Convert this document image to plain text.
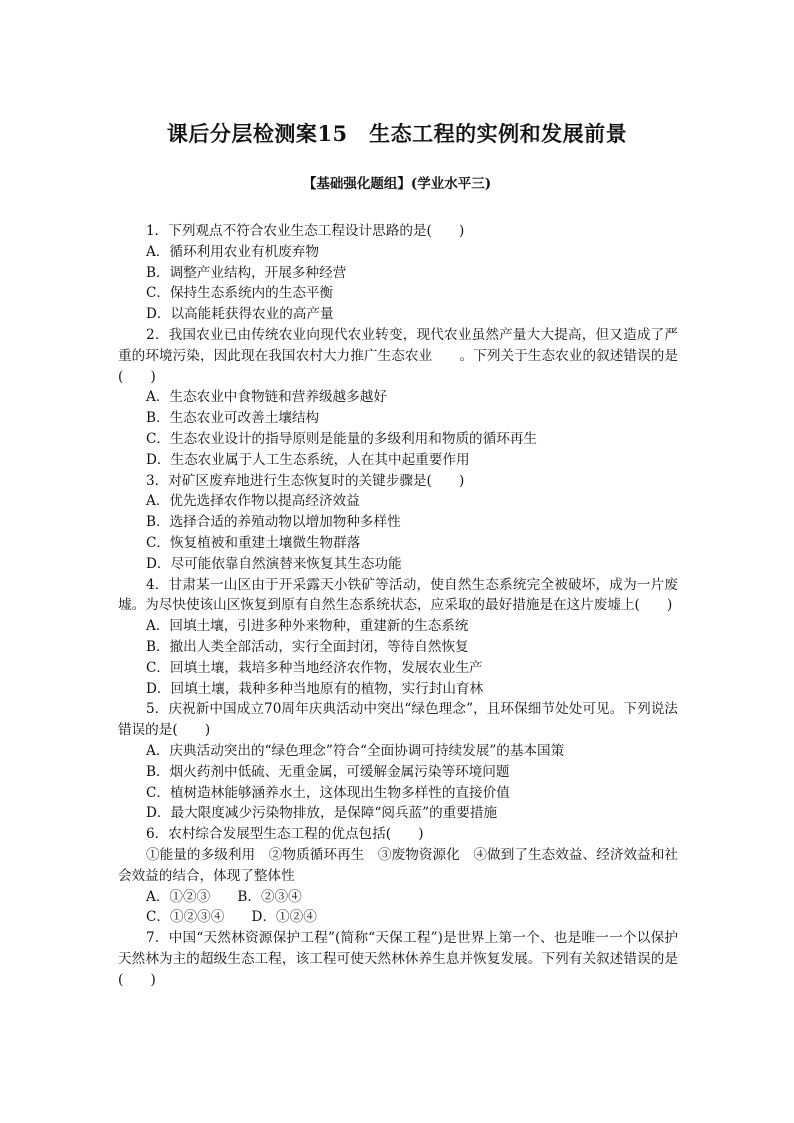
课后分层检测案15　生态工程的实例和发展前景
【基础强化题组】(学业水平三)

1．下列观点不符合农业生态工程设计思路的是(　　)

A．循环利用农业有机废弃物

B．调整产业结构，开展多种经营

C．保持生态系统内的生态平衡

D．以高能耗获得农业的高产量

2．我国农业已由传统农业向现代农业转变，现代农业虽然产量大大提高，但又造成了严重的环境污染，因此现在我国农村大力推广生态农业　　。下列关于生态农业的叙述错误的是(　　)

A．生态农业中食物链和营养级越多越好

B．生态农业可改善土壤结构

C．生态农业设计的指导原则是能量的多级利用和物质的循环再生

D．生态农业属于人工生态系统，人在其中起重要作用

3．对矿区废弃地进行生态恢复时的关键步骤是(　　)

A．优先选择农作物以提高经济效益

B．选择合适的养殖动物以增加物种多样性

C．恢复植被和重建土壤微生物群落

D．尽可能依靠自然演替来恢复其生态功能

4．甘肃某一山区由于开采露天小铁矿等活动，使自然生态系统完全被破坏，成为一片废墟。为尽快使该山区恢复到原有自然生态系统状态，应采取的最好措施是在这片废墟上(　　)

A．回填土壤，引进多种外来物种，重建新的生态系统

B．撤出人类全部活动，实行全面封闭，等待自然恢复

C．回填土壤，栽培多种当地经济农作物，发展农业生产

D．回填土壤，栽种多种当地原有的植物，实行封山育林

5．庆祝新中国成立70周年庆典活动中突出“绿色理念”，且环保细节处处可见。下列说法错误的是(　　)

A．庆典活动突出的“绿色理念”符合“全面协调可持续发展”的基本国策

B．烟火药剂中低硫、无重金属，可缓解金属污染等环境问题

C．植树造林能够涵养水土，这体现出生物多样性的直接价值

D．最大限度减少污染物排放，是保障“阅兵蓝”的重要措施

6．农村综合发展型生态工程的优点包括(　　)

①能量的多级利用　②物质循环再生　③废物资源化　④做到了生态效益、经济效益和社会效益的结合，体现了整体性

A．①②③　　B．②③④

C．①②③④　　D．①②④

7．中国“天然林资源保护工程”(简称“天保工程”)是世界上第一个、也是唯一一个以保护天然林为主的超级生态工程，该工程可使天然林休养生息并恢复发展。下列有关叙述错误的是(　　)
